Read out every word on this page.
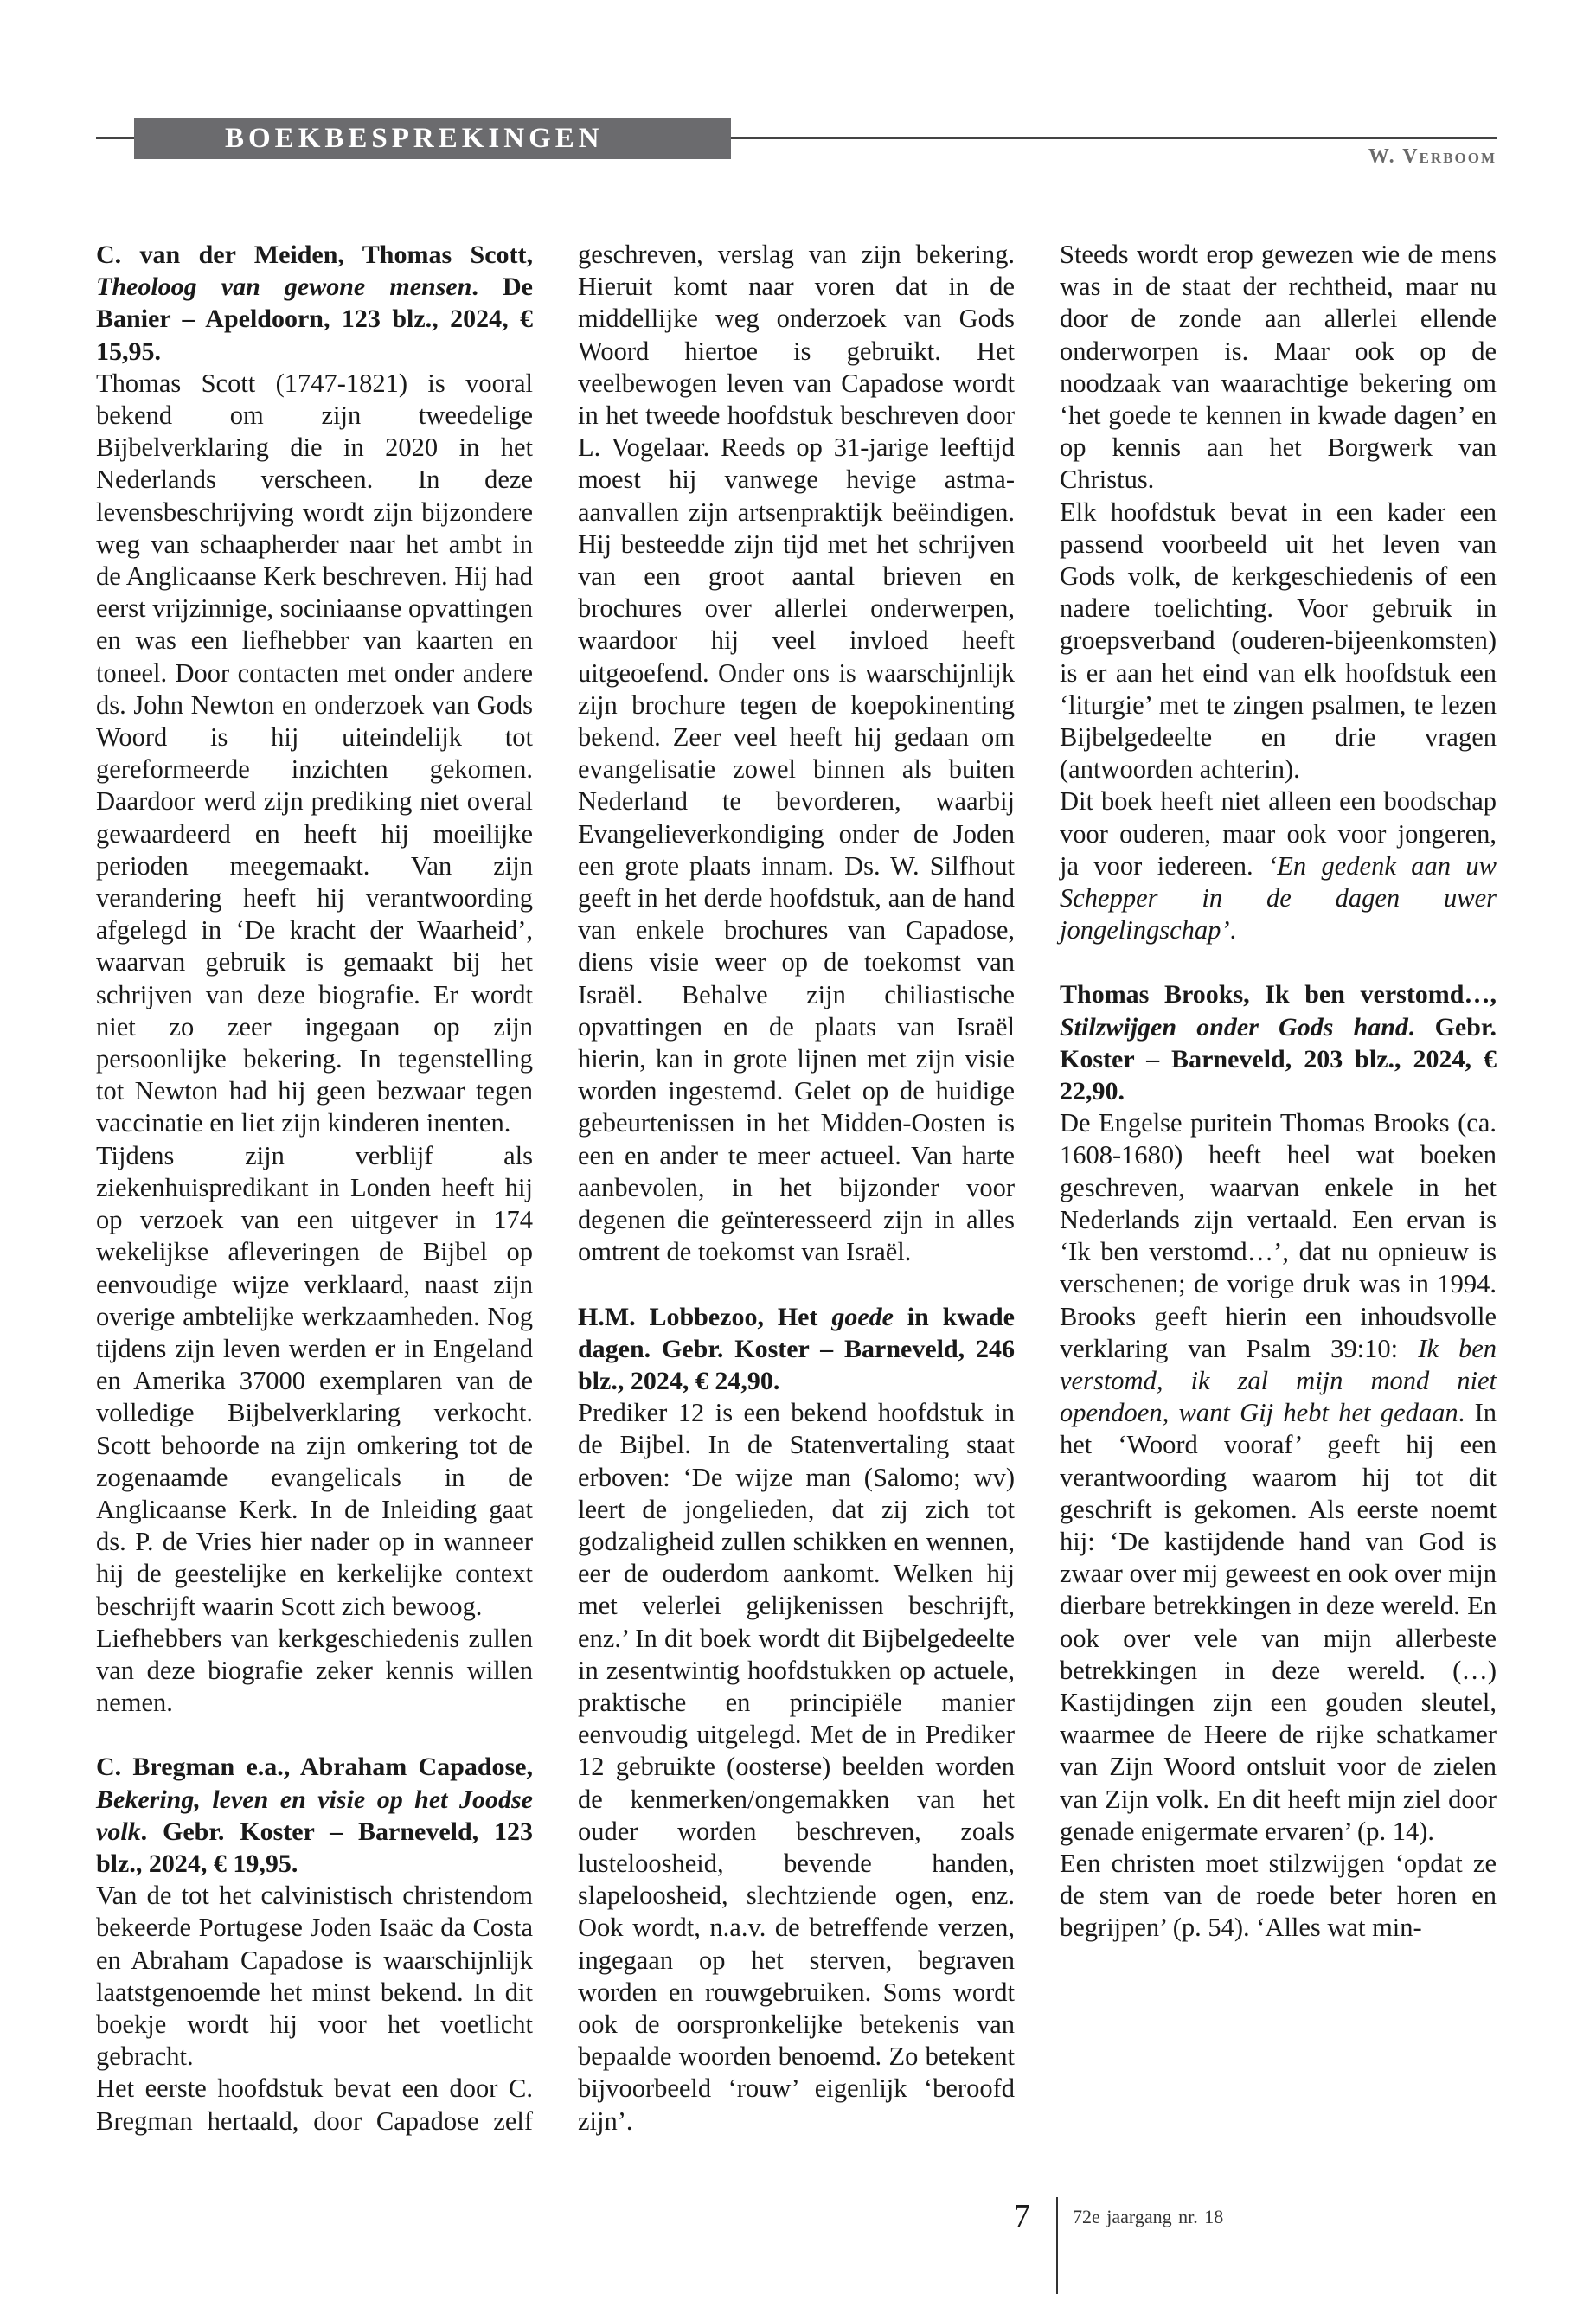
BOEKBESPREKINGEN
W. Verboom
C. van der Meiden, Thomas Scott, Theoloog van gewone mensen. De Banier – Apeldoorn, 123 blz., 2024, € 15,95.

Thomas Scott (1747-1821) is vooral bekend om zijn tweedelige Bijbelverklaring die in 2020 in het Nederlands verscheen. In deze levensbeschrijving wordt zijn bijzondere weg van schaapherder naar het ambt in de Anglicaanse Kerk beschreven. Hij had eerst vrijzinnige, sociniaanse opvattingen en was een liefhebber van kaarten en toneel. Door contacten met onder andere ds. John Newton en onderzoek van Gods Woord is hij uiteindelijk tot gereformeerde inzichten gekomen. Daardoor werd zijn prediking niet overal gewaardeerd en heeft hij moeilijke perioden meegemaakt. Van zijn verandering heeft hij verantwoording afgelegd in ‘De kracht der Waarheid’, waarvan gebruik is gemaakt bij het schrijven van deze biografie. Er wordt niet zo zeer ingegaan op zijn persoonlijke bekering. In tegenstelling tot Newton had hij geen bezwaar tegen vaccinatie en liet zijn kinderen inenten.

Tijdens zijn verblijf als ziekenhuispredikant in Londen heeft hij op verzoek van een uitgever in 174 wekelijkse afleveringen de Bijbel op eenvoudige wijze verklaard, naast zijn overige ambtelijke werkzaamheden. Nog tijdens zijn leven werden er in Engeland en Amerika 37000 exemplaren van de volledige Bijbelverklaring verkocht. Scott behoorde na zijn omkering tot de zogenaamde evangelicals in de Anglicaanse Kerk. In de Inleiding gaat ds. P. de Vries hier nader op in wanneer hij de geestelijke en kerkelijke context beschrijft waarin Scott zich bewoog.

Liefhebbers van kerkgeschiedenis zullen van deze biografie zeker kennis willen nemen.

C. Bregman e.a., Abraham Capadose, Bekering, leven en visie op het Joodse volk. Gebr. Koster – Barneveld, 123 blz., 2024, € 19,95.

Van de tot het calvinistisch christendom bekeerde Portugese Joden Isaäc da Costa en Abraham Capadose is waarschijnlijk laatstgenoemde het minst bekend. In dit boekje wordt hij voor het voetlicht gebracht.

Het eerste hoofdstuk bevat een door C. Bregman hertaald, door Capadose zelf geschreven, verslag van zijn bekering. Hieruit komt naar voren dat in de middellijke weg onderzoek van Gods Woord hiertoe is gebruikt. Het veelbewogen leven van Capadose wordt in het tweede hoofdstuk beschreven door L. Vogelaar. Reeds op 31-jarige leeftijd moest hij vanwege hevige astma-aanvallen zijn artsenpraktijk beëindigen. Hij besteedde zijn tijd met het schrijven van een groot aantal brieven en brochures over allerlei onderwerpen, waardoor hij veel invloed heeft uitgeoefend. Onder ons is waarschijnlijk zijn brochure tegen de koepokinenting bekend. Zeer veel heeft hij gedaan om evangelisatie zowel binnen als buiten Nederland te bevorderen, waarbij Evangelieverkondiging onder de Joden een grote plaats innam. Ds. W. Silfhout geeft in het derde hoofdstuk, aan de hand van enkele brochures van Capadose, diens visie weer op de toekomst van Israël. Behalve zijn chiliastische opvattingen en de plaats van Israël hierin, kan in grote lijnen met zijn visie worden ingestemd. Gelet op de huidige gebeurtenissen in het Midden-Oosten is een en ander te meer actueel. Van harte aanbevolen, in het bijzonder voor degenen die geïnteresseerd zijn in alles omtrent de toekomst van Israël.

H.M. Lobbezoo, Het goede in kwade dagen. Gebr. Koster – Barneveld, 246 blz., 2024, € 24,90.

Prediker 12 is een bekend hoofdstuk in de Bijbel. In de Statenvertaling staat erboven: ‘De wijze man (Salomo; wv) leert de jongelieden, dat zij zich tot godzaligheid zullen schikken en wennen, eer de ouderdom aankomt. Welken hij met velerlei gelijkenissen beschrijft, enz.’ In dit boek wordt dit Bijbelgedeelte in zesentwintig hoofdstukken op actuele, praktische en principiële manier eenvoudig uitgelegd. Met de in Prediker 12 gebruikte (oosterse) beelden worden de kenmerken/ongemakken van het ouder worden beschreven, zoals lusteloosheid, bevende handen, slapeloosheid, slechtziende ogen, enz. Ook wordt, n.a.v. de betreffende verzen, ingegaan op het sterven, begraven worden en rouwgebruiken. Soms wordt ook de oorspronkelijke betekenis van bepaalde woorden benoemd. Zo betekent bijvoorbeeld ‘rouw’ eigenlijk ‘beroofd zijn’.

Steeds wordt erop gewezen wie de mens was in de staat der rechtheid, maar nu door de zonde aan allerlei ellende onderworpen is. Maar ook op de noodzaak van waarachtige bekering om ‘het goede te kennen in kwade dagen’ en op kennis aan het Borgwerk van Christus.

Elk hoofdstuk bevat in een kader een passend voorbeeld uit het leven van Gods volk, de kerkgeschiedenis of een nadere toelichting. Voor gebruik in groepsverband (ouderen-bijeenkomsten) is er aan het eind van elk hoofdstuk een ‘liturgie’ met te zingen psalmen, te lezen Bijbelgedeelte en drie vragen (antwoorden achterin).

Dit boek heeft niet alleen een boodschap voor ouderen, maar ook voor jongeren, ja voor iedereen. ‘En gedenk aan uw Schepper in de dagen uwer jongelingschap’.

Thomas Brooks, Ik ben verstomd…, Stilzwijgen onder Gods hand. Gebr. Koster – Barneveld, 203 blz., 2024, € 22,90.

De Engelse puritein Thomas Brooks (ca. 1608-1680) heeft heel wat boeken geschreven, waarvan enkele in het Nederlands zijn vertaald. Een ervan is ‘Ik ben verstomd…’, dat nu opnieuw is verschenen; de vorige druk was in 1994. Brooks geeft hierin een inhoudsvolle verklaring van Psalm 39:10: Ik ben verstomd, ik zal mijn mond niet opendoen, want Gij hebt het gedaan. In het ‘Woord vooraf’ geeft hij een verantwoording waarom hij tot dit geschrift is gekomen. Als eerste noemt hij: ‘De kastijdende hand van God is zwaar over mij geweest en ook over mijn dierbare betrekkingen in deze wereld. En ook over vele van mijn allerbeste betrekkingen in deze wereld. (…) Kastijdingen zijn een gouden sleutel, waarmee de Heere de rijke schatkamer van Zijn Woord ontsluit voor de zielen van Zijn volk. En dit heeft mijn ziel door genade enigermate ervaren’ (p. 14).

Een christen moet stilzwijgen ‘opdat ze de stem van de roede beter horen en begrijpen’ (p. 54). ‘Alles wat min-

7 72e jaargang nr. 18
